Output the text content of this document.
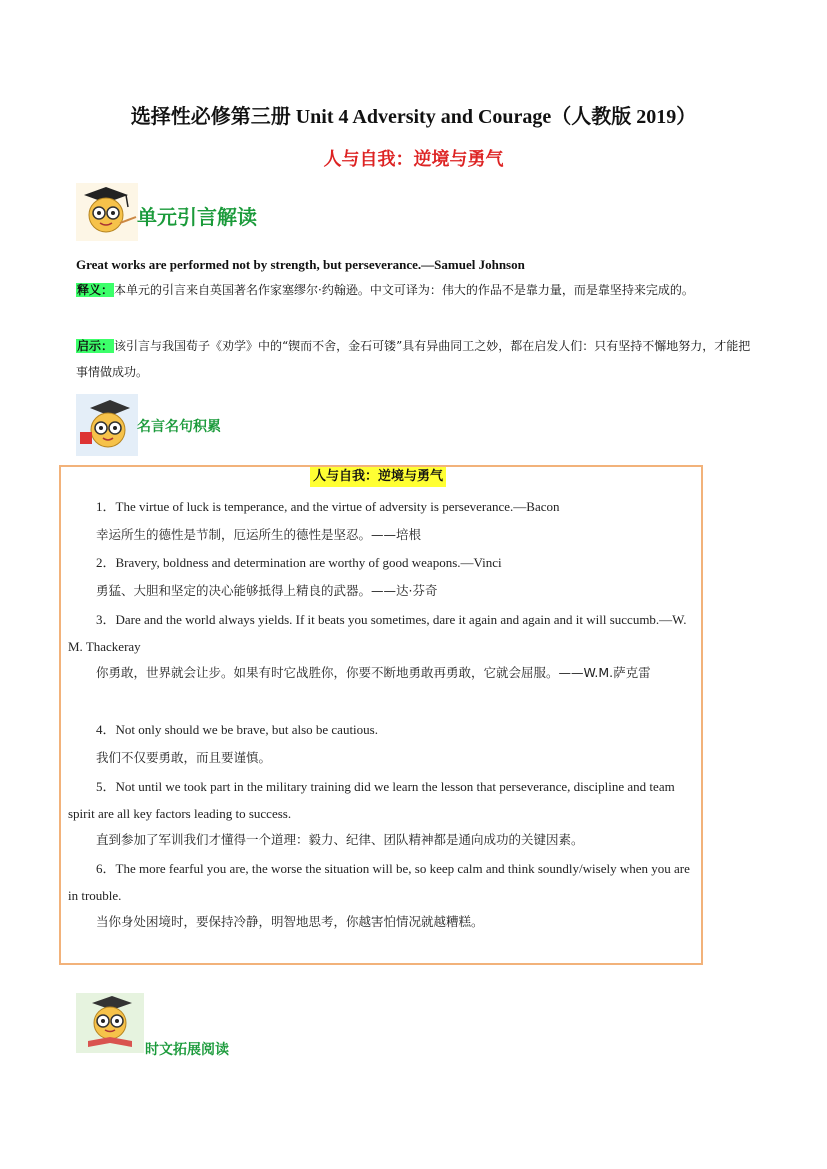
选择性必修第三册 Unit 4 Adversity and Courage（人教版 2019）
人与自我：逆境与勇气
单元引言解读
Great works are performed not by strength, but perseverance.—Samuel Johnson
释义：本单元的引言来自英国著名作家塞缪尔·约翰逊。中文可译为：伟大的作品不是靠力量，而是靠坚持来完成的。
启示：该引言与我国荀子《劝学》中的“锲而不舍，金石可镂”具有异曲同工之妙，都在启发人们：只有坚持不懈地努力，才能把事情做成功。
名言名句积累
人与自我：逆境与勇气
1．The virtue of luck is temperance, and the virtue of adversity is perseverance.—Bacon
幸运所生的德性是节制，厄运所生的德性是坚忍。——培根
2．Bravery, boldness and determination are worthy of good weapons.—Vinci
勇猛、大胆和坚定的决心能够抵得上精良的武器。——达·芬奇
3．Dare and the world always yields. If it beats you sometimes, dare it again and again and it will succumb.—W. M. Thackeray
你勇敢，世界就会让步。如果有时它战胜你，你要不断地勇敢再勇敢，它就会屈服。——W.M.萨克雷
4．Not only should we be brave, but also be cautious.
我们不仅要勇敢，而且要谨慎。
5．Not until we took part in the military training did we learn the lesson that perseverance, discipline and team spirit are all key factors leading to success.
直到参加了军训我们才懂得一个道理：毅力、纪律、团队精神都是通向成功的关键因素。
6．The more fearful you are, the worse the situation will be, so keep calm and think soundly/wisely when you are in trouble.
当你身处困境时，要保持冷静，明智地思考，你越害怕情况就越糟糕。
时文拓展阅读
